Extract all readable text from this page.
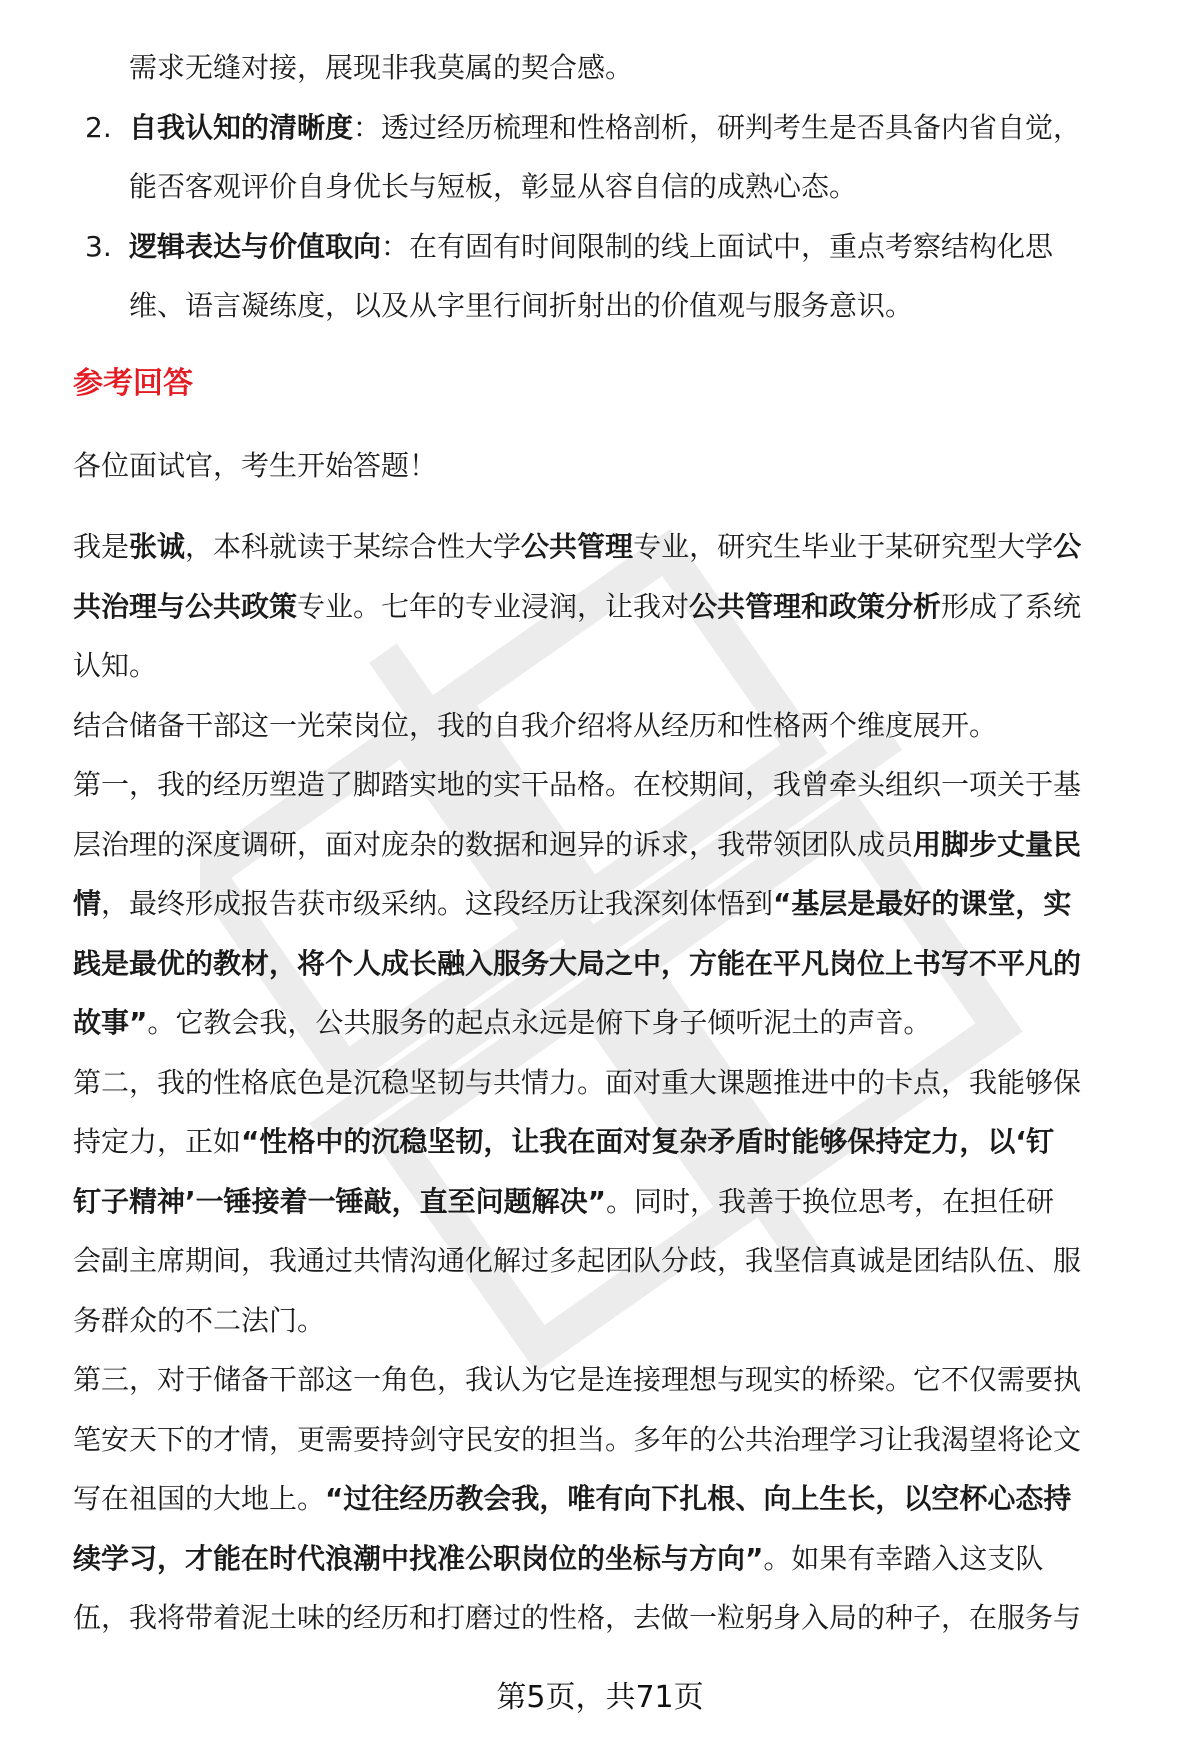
需求无缝对接，展现非我莫属的契合感。
2. 自我认知的清晰度：透过经历梳理和性格剖析，研判考生是否具备内省自觉，
能否客观评价自身优长与短板，彰显从容自信的成熟心态。
3. 逻辑表达与价值取向：在有固有时间限制的线上面试中，重点考察结构化思
维、语言凝练度，以及从字里行间折射出的价值观与服务意识。
参考回答
各位面试官，考生开始答题！
我是张诚，本科就读于某综合性大学公共管理专业，研究生毕业于某研究型大学公
共治理与公共政策专业。七年的专业浸润，让我对公共管理和政策分析形成了系统
认知。
结合储备干部这一光荣岗位，我的自我介绍将从经历和性格两个维度展开。
第一，我的经历塑造了脚踏实地的实干品格。在校期间，我曾牵头组织一项关于基
层治理的深度调研，面对庞杂的数据和迥异的诉求，我带领团队成员用脚步丈量民
情，最终形成报告获市级采纳。这段经历让我深刻体悟到“基层是最好的课堂，实
践是最优的教材，将个人成长融入服务大局之中，方能在平凡岗位上书写不平凡的
故事”。它教会我，公共服务的起点永远是俯下身子倾听泥土的声音。
第二，我的性格底色是沉稳坚韧与共情力。面对重大课题推进中的卡点，我能够保
持定力，正如“性格中的沉稳坚韧，让我在面对复杂矛盾时能够保持定力，以‘钉
钉子精神’一锤接着一锤敲，直至问题解决”。同时，我善于换位思考，在担任研
会副主席期间，我通过共情沟通化解过多起团队分歧，我坚信真诚是团结队伍、服
务群众的不二法门。
第三，对于储备干部这一角色，我认为它是连接理想与现实的桥梁。它不仅需要执
笔安天下的才情，更需要持剑守民安的担当。多年的公共治理学习让我渴望将论文
写在祖国的大地上。“过往经历教会我，唯有向下扎根、向上生长，以空杯心态持
续学习，才能在时代浪潮中找准公职岗位的坐标与方向”。如果有幸踏入这支队
伍，我将带着泥土味的经历和打磨过的性格，去做一粒躬身入局的种子，在服务与
第5页，共71页
